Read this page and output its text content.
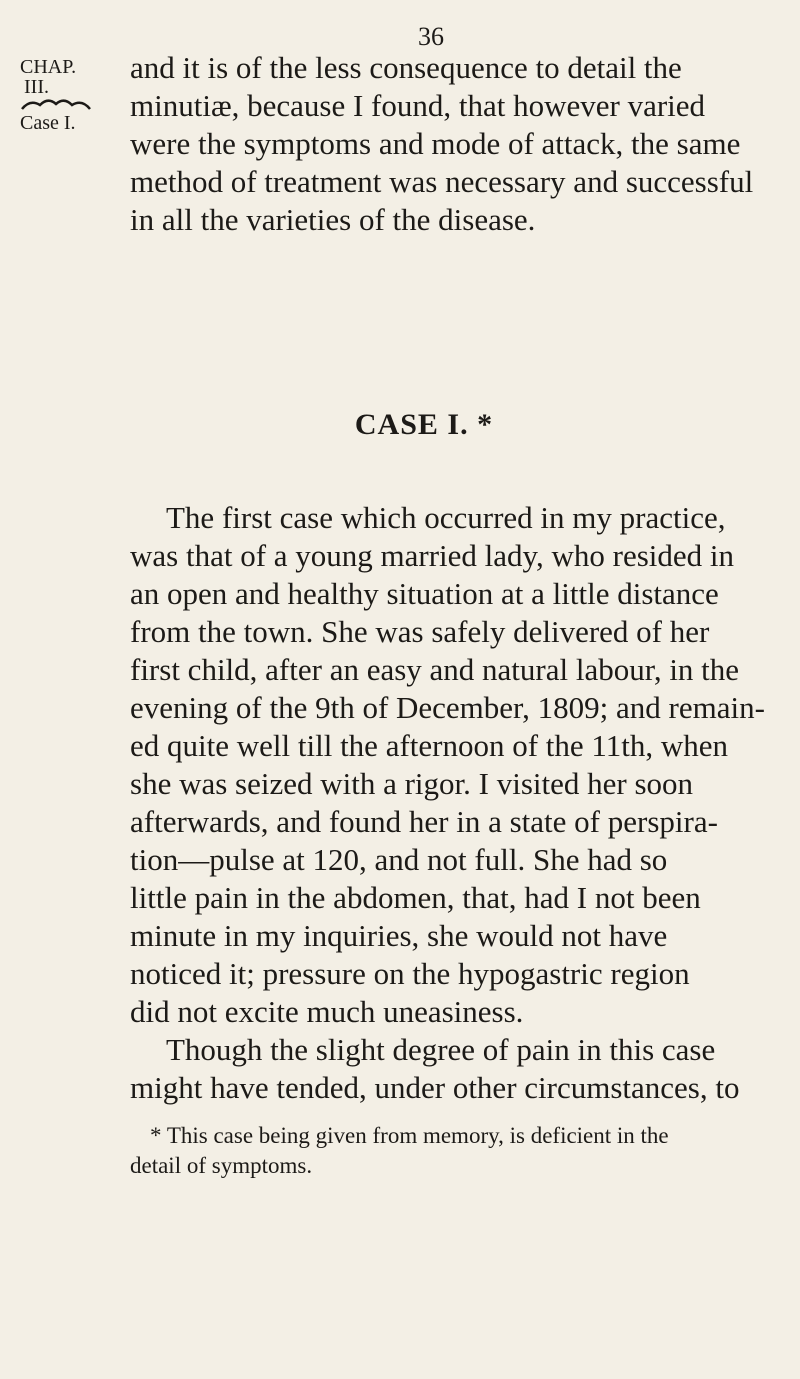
36
CHAP.
III.
Case I.
and it is of the less consequence to detail the
minutiæ, because I found, that however varied
were the symptoms and mode of attack, the same
method of treatment was necessary and successful
in all the varieties of the disease.
CASE I. *
The first case which occurred in my practice,
was that of a young married lady, who resided in
an open and healthy situation at a little distance
from the town. She was safely delivered of her
first child, after an easy and natural labour, in the
evening of the 9th of December, 1809; and remain-
ed quite well till the afternoon of the 11th, when
she was seized with a rigor. I visited her soon
afterwards, and found her in a state of perspira-
tion—pulse at 120, and not full. She had so
little pain in the abdomen, that, had I not been
minute in my inquiries, she would not have
noticed it; pressure on the hypogastric region
did not excite much uneasiness.
Though the slight degree of pain in this case
might have tended, under other circumstances, to
* This case being given from memory, is deficient in the
detail of symptoms.
